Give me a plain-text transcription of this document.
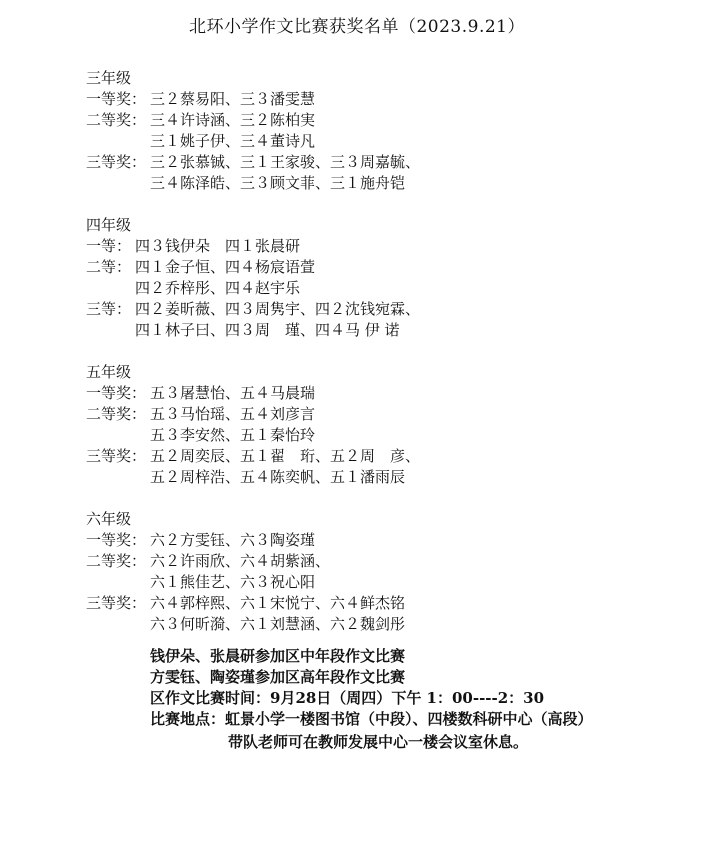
北环小学作文比赛获奖名单（2023.9.21）
三年级
一等奖： 三２蔡易阳、三３潘雯慧
二等奖： 三４许诗涵、三２陈柏実
三１姚子伊、三４董诗凡
三等奖： 三２张慕铖、三１王家骏、三３周嘉毓、
三４陈泽皓、三３顾文菲、三１施舟铠
四年级
一等： 四３钱伊朵　四１张晨研
二等： 四１金子恒、四４杨宸语萱
四２乔梓彤、四４赵宇乐
三等： 四２姜昕薇、四３周隽宇、四２沈钱宛霖、
四１林子曰、四３周　瑾、四４马 伊 诺
五年级
一等奖： 五３屠慧怡、五４马晨瑞
二等奖： 五３马怡瑶、五４刘彦言
五３李安然、五１秦怡玲
三等奖： 五２周奕辰、五１翟　珩、五２周　彦、
五２周梓浩、五４陈奕帆、五１潘雨辰
六年级
一等奖： 六２方雯钰、六３陶姿瑾
二等奖： 六２许雨欣、六４胡紫涵、
六１熊佳艺、六３祝心阳
三等奖： 六４郭梓熙、六１宋悦宁、六４鲜杰铭
六３何昕漪、六１刘慧涵、六２魏剑彤
钱伊朵、张晨研参加区中年段作文比赛
方雯钰、陶姿瑾参加区高年段作文比赛
区作文比赛时间：9月28日（周四）下午 1：00----2：30
比赛地点：虹景小学一楼图书馆（中段）、四楼数科研中心（高段）
带队老师可在教师发展中心一楼会议室休息。
